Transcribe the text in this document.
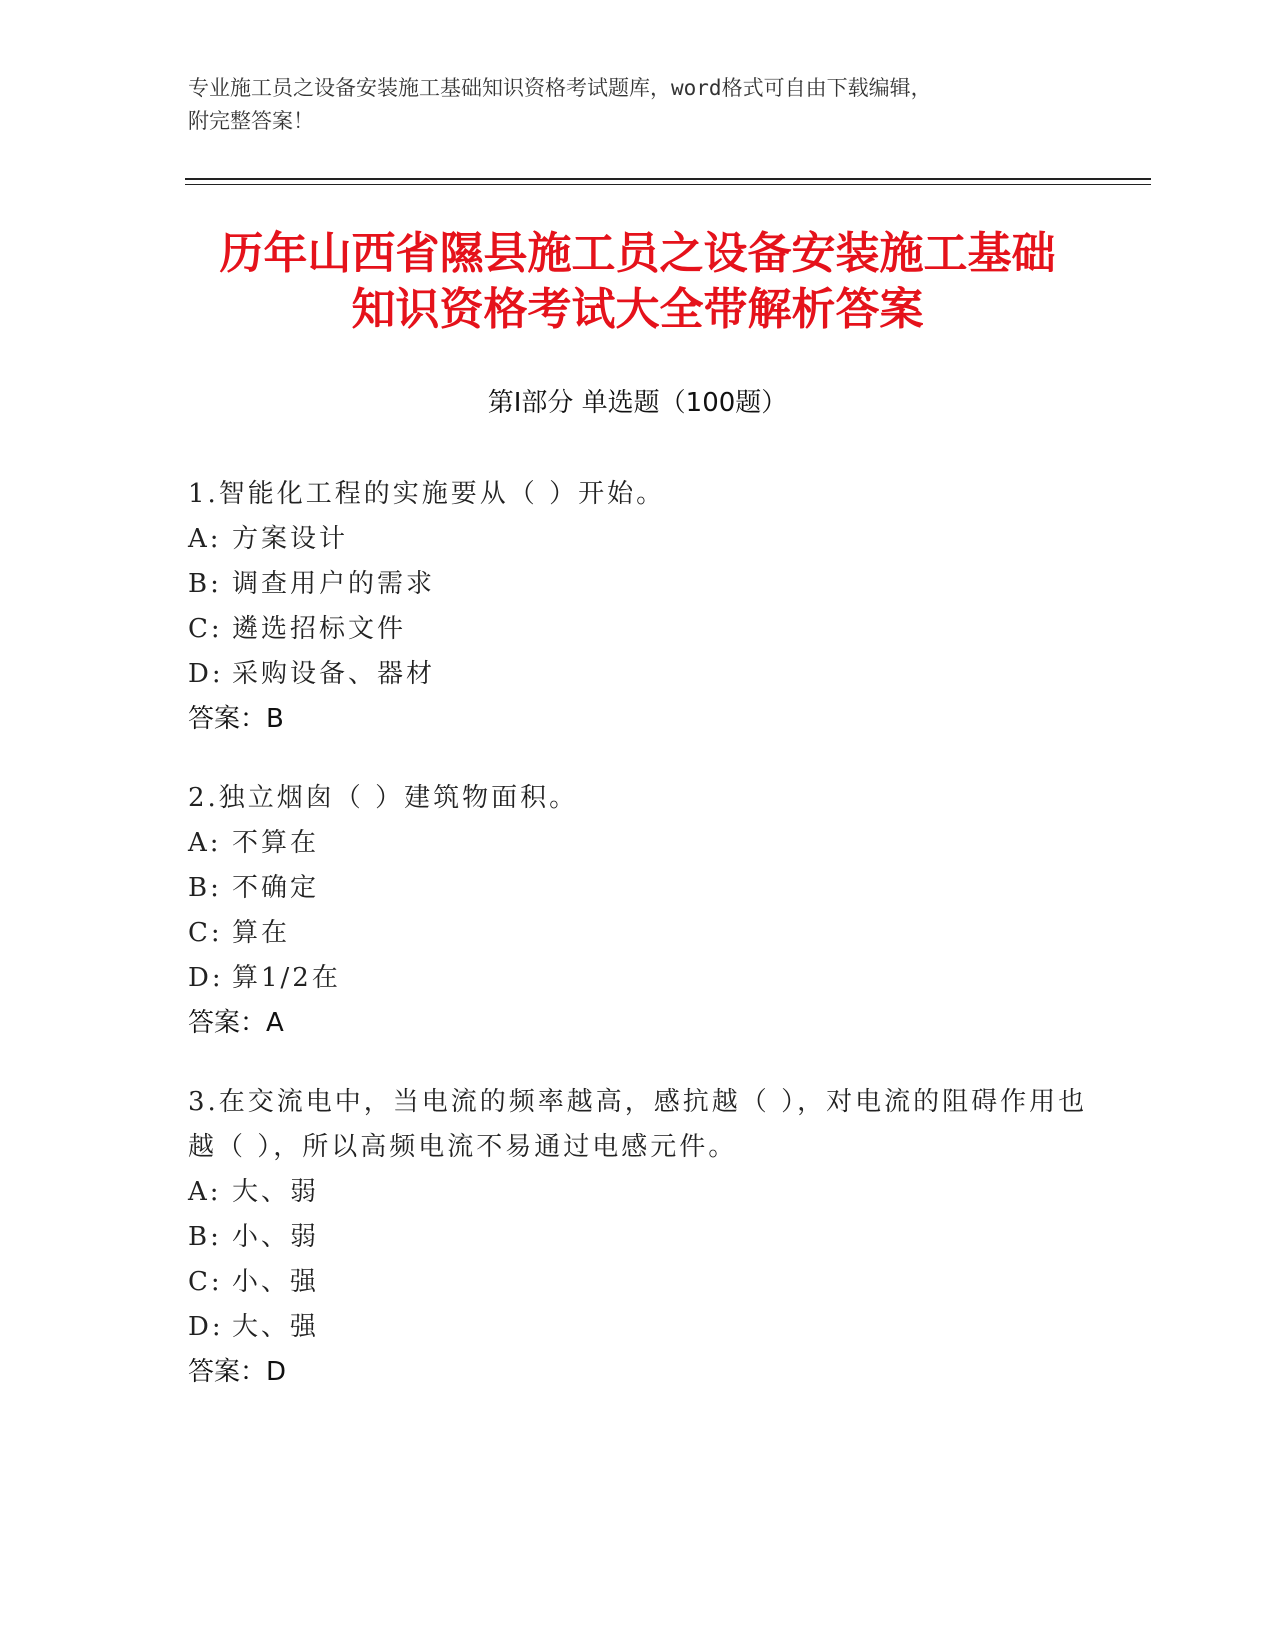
专业施工员之设备安装施工基础知识资格考试题库，word格式可自由下载编辑，
附完整答案！
历年山西省隰县施工员之设备安装施工基础
知识资格考试大全带解析答案
第Ⅰ部分 单选题（100题）
1.智能化工程的实施要从（ ）开始。
A: 方案设计
B: 调查用户的需求
C: 遴选招标文件
D: 采购设备、器材
答案：B
2.独立烟囱（ ）建筑物面积。
A: 不算在
B: 不确定
C: 算在
D: 算1/2在
答案：A
3.在交流电中，当电流的频率越高，感抗越（ ），对电流的阻碍作用也越（ ），所以高频电流不易通过电感元件。
A: 大、弱
B: 小、弱
C: 小、强
D: 大、强
答案：D
